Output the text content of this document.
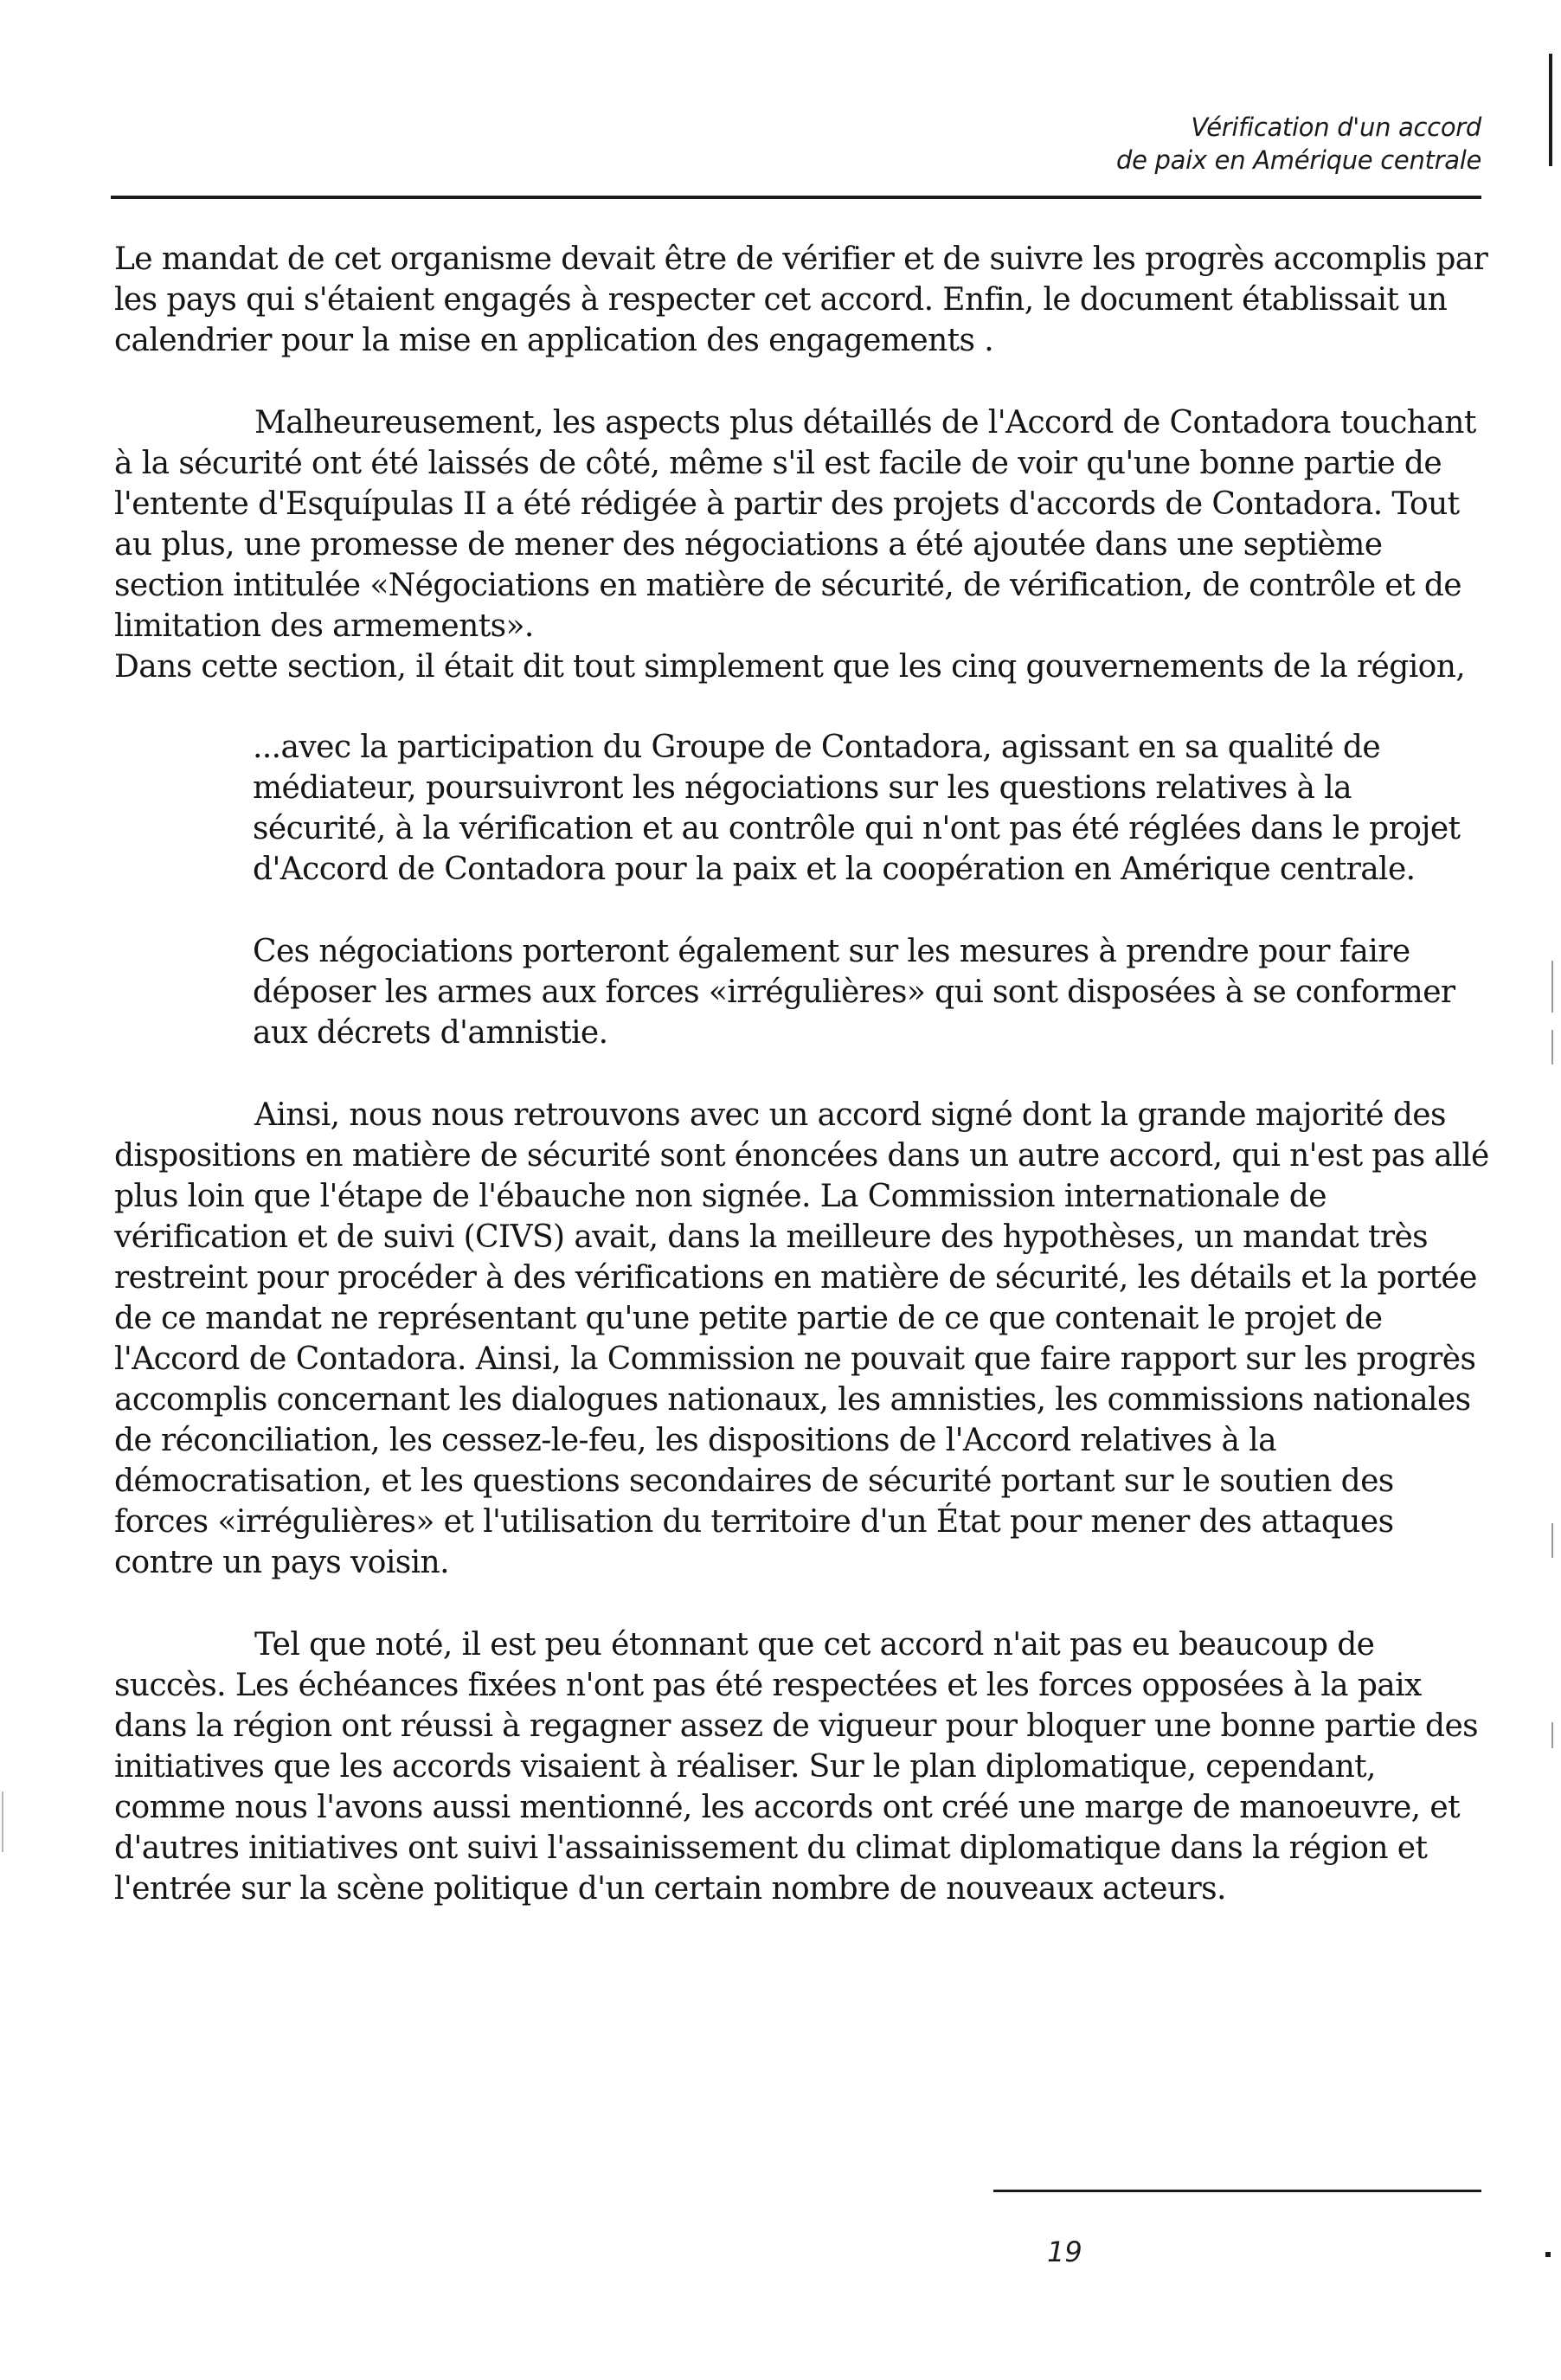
Vérification d'un accord
de paix en Amérique centrale

Le mandat de cet organisme devait être de vérifier et de suivre les progrès accomplis par les pays qui s'étaient engagés à respecter cet accord. Enfin, le document établissait un calendrier pour la mise en application des engagements .

Malheureusement, les aspects plus détaillés de l'Accord de Contadora touchant à la sécurité ont été laissés de côté, même s'il est facile de voir qu'une bonne partie de l'entente d'Esquípulas II a été rédigée à partir des projets d'accords de Contadora. Tout au plus, une promesse de mener des négociations a été ajoutée dans une septième section intitulée «Négociations en matière de sécurité, de vérification, de contrôle et de limitation des armements».

Dans cette section, il était dit tout simplement que les cinq gouvernements de la région,

...avec la participation du Groupe de Contadora, agissant en sa qualité de médiateur, poursuivront les négociations sur les questions relatives à la sécurité, à la vérification et au contrôle qui n'ont pas été réglées dans le projet d'Accord de Contadora pour la paix et la coopération en Amérique centrale.

Ces négociations porteront également sur les mesures à prendre pour faire déposer les armes aux forces «irrégulières» qui sont disposées à se conformer aux décrets d'amnistie.

Ainsi, nous nous retrouvons avec un accord signé dont la grande majorité des dispositions en matière de sécurité sont énoncées dans un autre accord, qui n'est pas allé plus loin que l'étape de l'ébauche non signée. La Commission internationale de vérification et de suivi (CIVS) avait, dans la meilleure des hypothèses, un mandat très restreint pour procéder à des vérifications en matière de sécurité, les détails et la portée de ce mandat ne représentant qu'une petite partie de ce que contenait le projet de l'Accord de Contadora. Ainsi, la Commission ne pouvait que faire rapport sur les progrès accomplis concernant les dialogues nationaux, les amnisties, les commissions nationales de réconciliation, les cessez-le-feu, les dispositions de l'Accord relatives à la démocratisation, et les questions secondaires de sécurité portant sur le soutien des forces «irrégulières» et l'utilisation du territoire d'un État pour mener des attaques contre un pays voisin.

Tel que noté, il est peu étonnant que cet accord n'ait pas eu beaucoup de succès. Les échéances fixées n'ont pas été respectées et les forces opposées à la paix dans la région ont réussi à regagner assez de vigueur pour bloquer une bonne partie des initiatives que les accords visaient à réaliser. Sur le plan diplomatique, cependant, comme nous l'avons aussi mentionné, les accords ont créé une marge de manoeuvre, et d'autres initiatives ont suivi l'assainissement du climat diplomatique dans la région et l'entrée sur la scène politique d'un certain nombre de nouveaux acteurs.

19
